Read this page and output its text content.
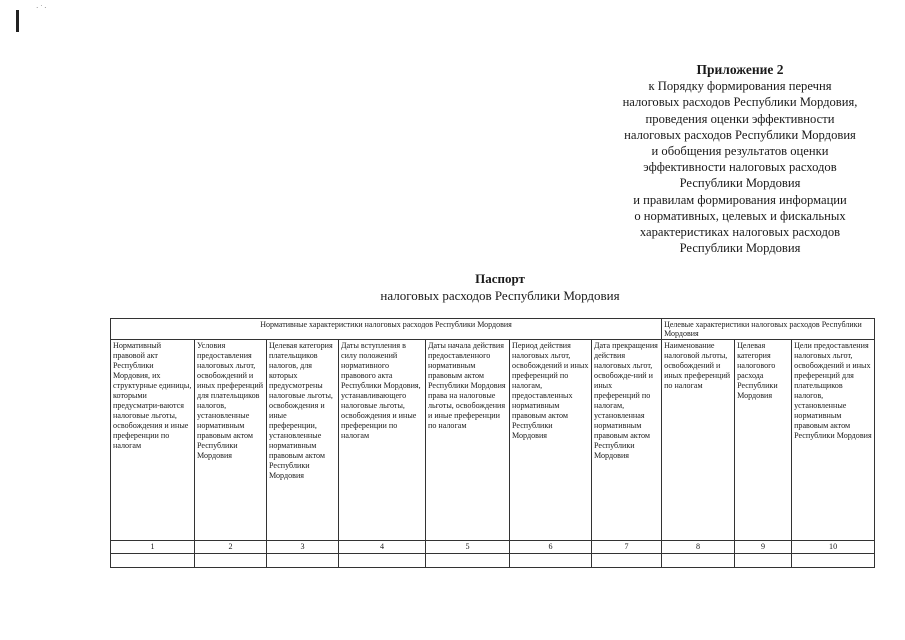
· ˙ ·
Приложение 2
к Порядку формирования перечня
налоговых расходов Республики Мордовия,
проведения оценки эффективности
налоговых расходов Республики Мордовия
и обобщения результатов оценки
эффективности налоговых расходов
Республики Мордовия
и правилам формирования информации
о нормативных, целевых и фискальных
характеристиках налоговых расходов
Республики Мордовия
Паспорт
налоговых расходов Республики Мордовия
Нормативные характеристики налоговых расходов Республики Мордовия							Целевые характеристики налоговых расходов Республики Мордовия		
Нормативный правовой акт Республики Мордовия, их структурные единицы, которыми предусматри-ваются налоговые льготы, освобождения и иные преференции по налогам	Условия предоставления налоговых льгот, освобождений и иных преференций для плательщиков налогов, установленные нормативным правовым актом Республики Мордовия	Целевая категория плательщиков налогов, для которых предусмотрены налоговые льготы, освобождения и иные преференции, установленные нормативным правовым актом Республики Мордовия	Даты вступления в силу положений нормативного правового акта Республики Мордовия, устанавливающего налоговые льготы, освобождения и иные преференции по налогам	Даты начала действия предоставленного нормативным правовым актом Республики Мордовия права на налоговые льготы, освобождения и иные преференции по налогам	Период действия налоговых льгот, освобождений и иных преференций по налогам, предоставленных нормативным правовым актом Республики Мордовия	Дата прекращения действия налоговых льгот, освобожде-ний и иных преференций по налогам, установленная нормативным правовым актом Республики Мордовия	Наименование налоговой льготы, освобождений и иных преференций по налогам	Целевая категория налогового расхода Республики Мордовия	Цели предоставления налоговых льгот, освобождений и иных преференций для плательщиков налогов, установленные нормативным правовым актом Республики Мордовия
1	2	3	4	5	6	7	8	9	10
